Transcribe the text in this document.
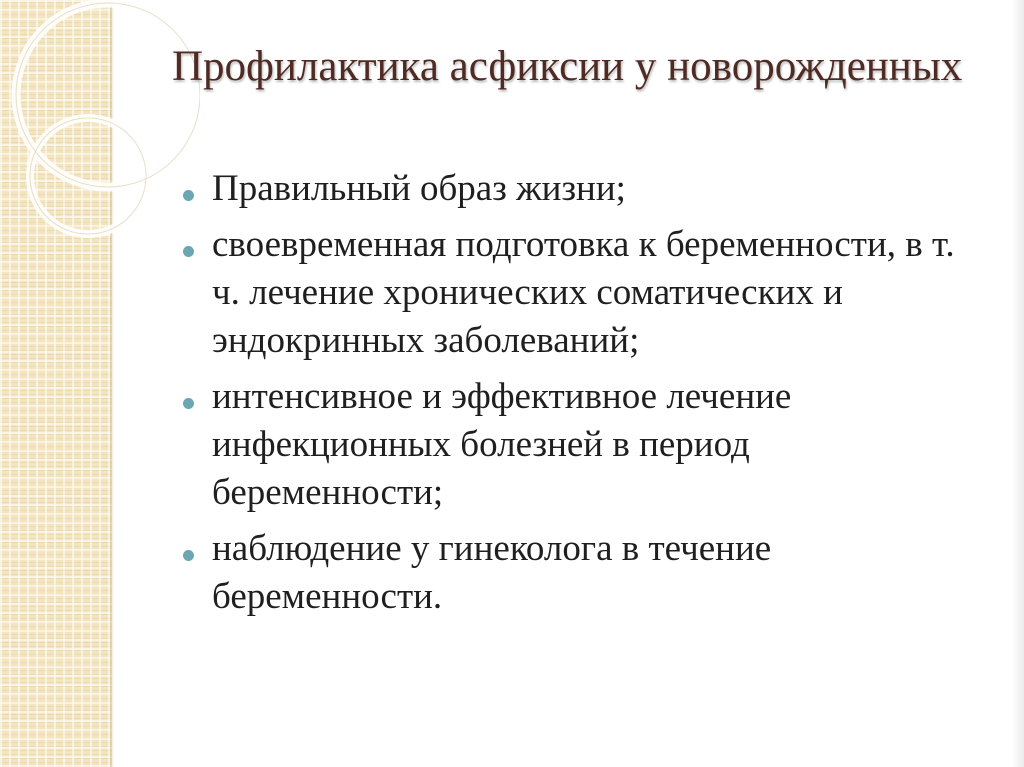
Профилактика асфиксии у новорожденных
Правильный образ жизни;
своевременная подготовка к беременности, в т. ч. лечение хронических соматических и эндокринных заболеваний;
интенсивное и эффективное лечение инфекционных болезней в период беременности;
наблюдение у гинеколога в течение беременности.
